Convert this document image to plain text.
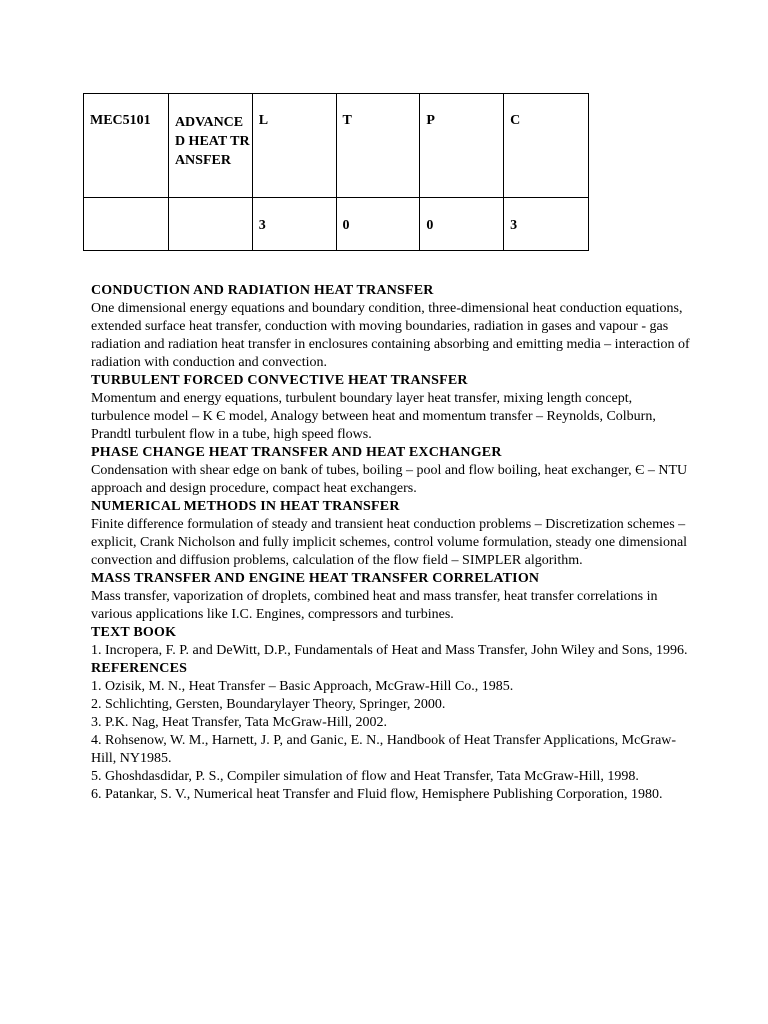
MEC5101	ADVANCED HEAT TRANSFER	L	T	P	C
		3	0	0	3
CONDUCTION AND RADIATION HEAT TRANSFER

One dimensional energy equations and boundary condition, three-dimensional heat conduction equations, extended surface heat transfer, conduction with moving boundaries, radiation in gases and vapour - gas radiation and radiation heat transfer in enclosures containing absorbing and emitting media – interaction of radiation with conduction and convection.

TURBULENT FORCED CONVECTIVE HEAT TRANSFER

Momentum and energy equations, turbulent boundary layer heat transfer, mixing length concept, turbulence model – K Є model, Analogy between heat and momentum transfer – Reynolds, Colburn, Prandtl turbulent flow in a tube, high speed flows.

PHASE CHANGE HEAT TRANSFER AND HEAT EXCHANGER

Condensation with shear edge on bank of tubes, boiling – pool and flow boiling, heat exchanger, Є – NTU approach and design procedure, compact heat exchangers.

NUMERICAL METHODS IN HEAT TRANSFER

Finite difference formulation of steady and transient heat conduction problems – Discretization schemes – explicit, Crank Nicholson and fully implicit schemes, control volume formulation, steady one dimensional convection and diffusion problems, calculation of the flow field – SIMPLER algorithm.

MASS TRANSFER AND ENGINE HEAT TRANSFER CORRELATION

Mass transfer, vaporization of droplets, combined heat and mass transfer, heat transfer correlations in various applications like I.C. Engines, compressors and turbines.

TEXT BOOK
1. Incropera, F. P. and DeWitt, D.P., Fundamentals of Heat and Mass Transfer, John Wiley and Sons, 1996.
REFERENCES
1. Ozisik, M. N., Heat Transfer – Basic Approach, McGraw-Hill Co., 1985.
2. Schlichting, Gersten, Boundarylayer Theory, Springer, 2000.
3. P.K. Nag, Heat Transfer, Tata McGraw-Hill, 2002.
4. Rohsenow, W. M., Harnett, J. P, and Ganic, E. N., Handbook of Heat Transfer Applications, McGraw-Hill, NY1985.
5. Ghoshdasdidar, P. S., Compiler simulation of flow and Heat Transfer, Tata McGraw-Hill, 1998.
6. Patankar, S. V., Numerical heat Transfer and Fluid flow, Hemisphere Publishing Corporation, 1980.
